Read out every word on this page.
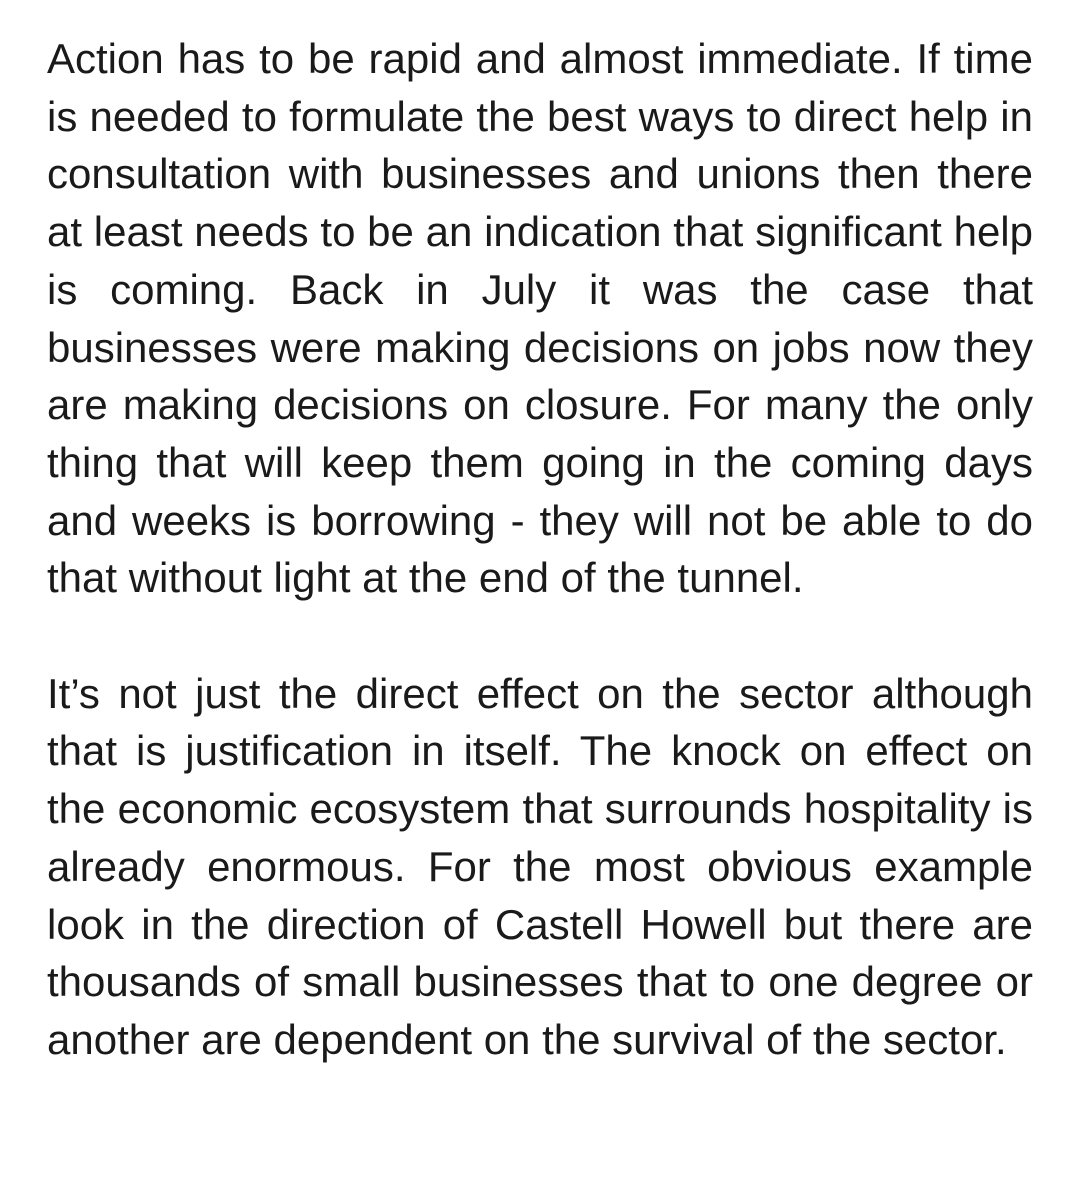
Action has to be rapid and almost immediate. If time is needed to formulate the best ways to direct help in consultation with businesses and unions then there at least needs to be an indication that significant help is coming. Back in July it was the case that businesses were making decisions on jobs now they are making decisions on closure. For many the only thing that will keep them going in the coming days and weeks is borrowing - they will not be able to do that without light at the end of the tunnel.

It’s not just the direct effect on the sector although that is justification in itself. The knock on effect on the economic ecosystem that surrounds hospitality is already enormous. For the most obvious example look in the direction of Castell Howell but there are thousands of small businesses that to one degree or another are dependent on the survival of the sector.
